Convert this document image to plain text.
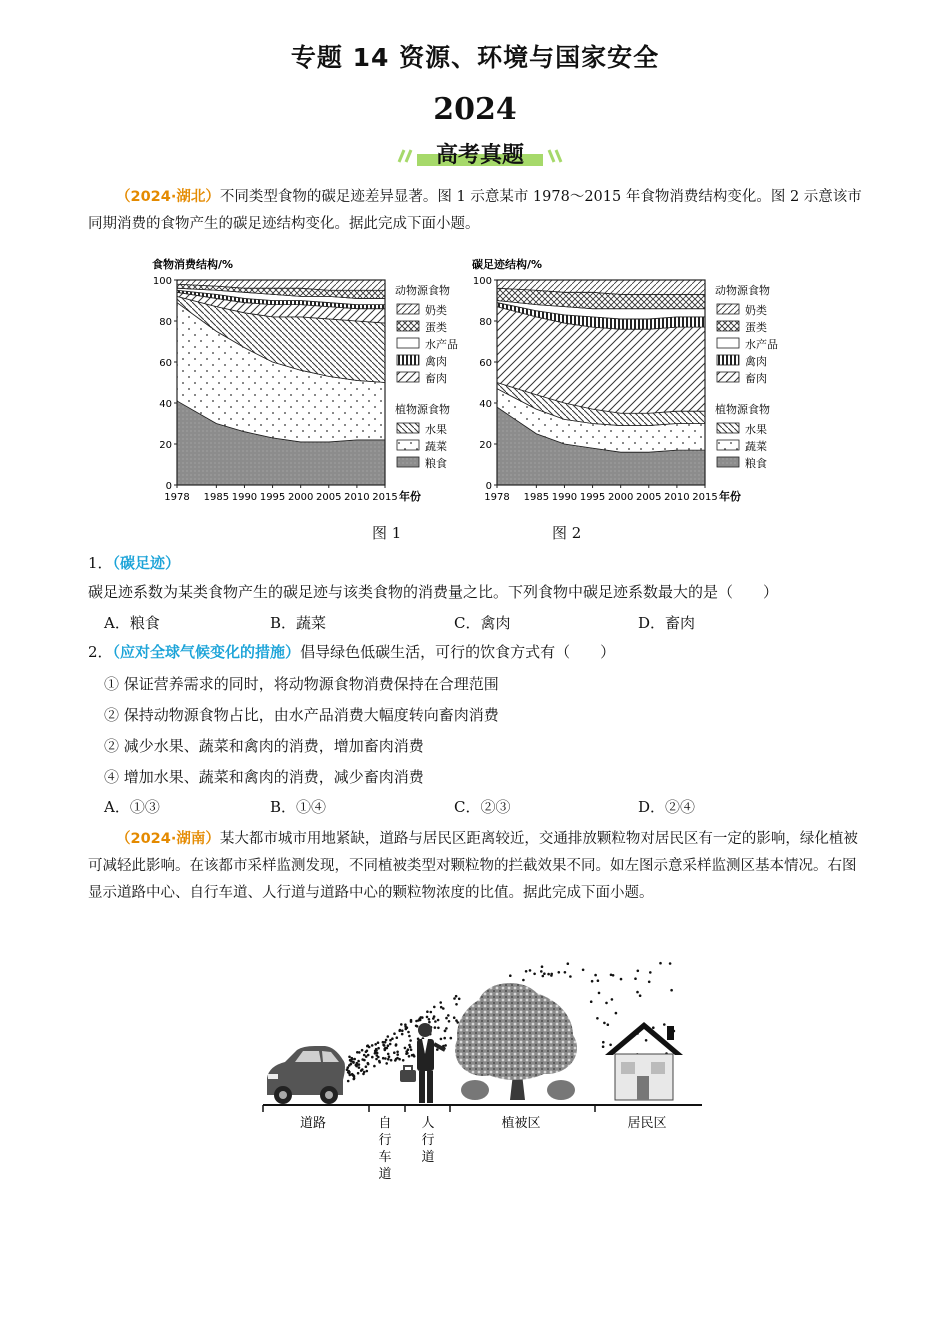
专题 14 资源、环境与国家安全
2024
高考真题
（2024·湖北）不同类型食物的碳足迹差异显著。图 1 示意某市 1978～2015 年食物消费结构变化。图 2 示意该市同期消费的食物产生的碳足迹结构变化。据此完成下面小题。
食物消费结构/%
0
20
40
60
80
100
1978 1985 1990 1995 2000 2005 2010 2015 年份
动物源食物
奶类
蛋类
水产品
禽肉
畜肉
植物源食物
水果
蔬菜
粮食
碳足迹结构/%
0
20
40
60
80
100
1978 1985 1990 1995 2000 2005 2010 2015 年份
动物源食物
奶类
蛋类
水产品
禽肉
畜肉
植物源食物
水果
蔬菜
粮食
图 1	图 2
1．（碳足迹）碳足迹系数为某类食物产生的碳足迹与该类食物的消费量之比。下列食物中碳足迹系数最大的是（　　）
A．粮食	B．蔬菜	C．禽肉	D．畜肉
2．（应对全球气候变化的措施）倡导绿色低碳生活，可行的饮食方式有（　　）
① 保证营养需求的同时，将动物源食物消费保持在合理范围
② 保持动物源食物占比，由水产品消费大幅度转向畜肉消费
② 减少水果、蔬菜和禽肉的消费，增加畜肉消费
④ 增加水果、蔬菜和禽肉的消费，减少畜肉消费
A．①③	B．①④	C．②③	D．②④
（2024·湖南）某大都市城市用地紧缺，道路与居民区距离较近，交通排放颗粒物对居民区有一定的影响，绿化植被可减轻此影响。在该都市采样监测发现，不同植被类型对颗粒物的拦截效果不同。如左图示意采样监测区基本情况。右图显示道路中心、自行车道、人行道与道路中心的颗粒物浓度的比值。据此完成下面小题。
道路	自
行
车
道
人
行
道
植被区	居民区
